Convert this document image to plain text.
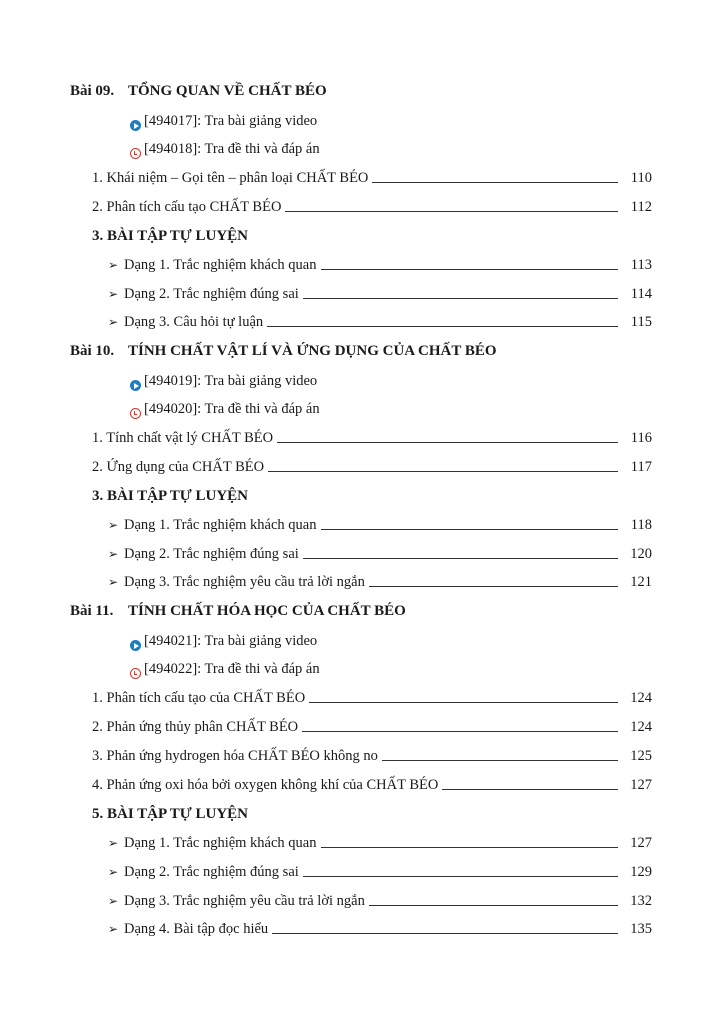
Bài 09. TỔNG QUAN VỀ CHẤT BÉO
[494017]: Tra bài giảng video
[494018]: Tra đề thi và đáp án
1. Khái niệm – Gọi tên – phân loại CHẤT BÉO	110
2. Phân tích cấu tạo CHẤT BÉO	112
3. BÀI TẬP TỰ LUYỆN
➢ Dạng 1. Trắc nghiệm khách quan	113
➢ Dạng 2. Trắc nghiệm đúng sai	114
➢ Dạng 3. Câu hỏi tự luận	115
Bài 10. TÍNH CHẤT VẬT LÍ VÀ ỨNG DỤNG CỦA CHẤT BÉO
[494019]: Tra bài giảng video
[494020]: Tra đề thi và đáp án
1. Tính chất vật lý CHẤT BÉO	116
2. Ứng dụng của CHẤT BÉO	117
3. BÀI TẬP TỰ LUYỆN
➢ Dạng 1. Trắc nghiệm khách quan	118
➢ Dạng 2. Trắc nghiệm đúng sai	120
➢ Dạng 3. Trắc nghiệm yêu cầu trả lời ngắn	121
Bài 11. TÍNH CHẤT HÓA HỌC CỦA CHẤT BÉO
[494021]: Tra bài giảng video
[494022]: Tra đề thi và đáp án
1. Phân tích cấu tạo của CHẤT BÉO	124
2. Phản ứng thủy phân CHẤT BÉO	124
3. Phản ứng hydrogen hóa CHẤT BÉO không no	125
4. Phản ứng oxi hóa bởi oxygen không khí của CHẤT BÉO	127
5. BÀI TẬP TỰ LUYỆN
➢ Dạng 1. Trắc nghiệm khách quan	127
➢ Dạng 2. Trắc nghiệm đúng sai	129
➢ Dạng 3. Trắc nghiệm yêu cầu trả lời ngắn	132
➢ Dạng 4. Bài tập đọc hiểu	135
